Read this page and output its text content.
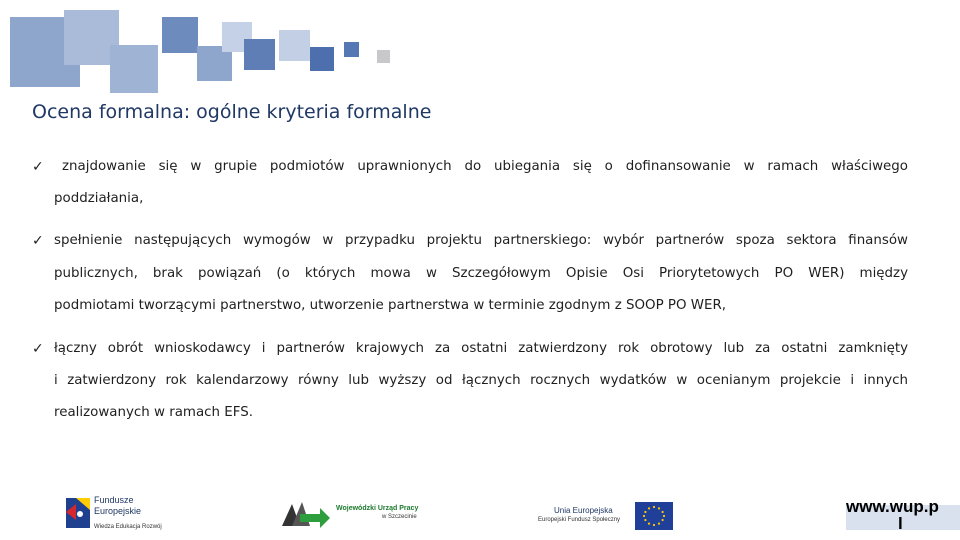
Ocena formalna: ogólne kryteria formalne
✓ znajdowanie się w grupie podmiotów uprawnionych do ubiegania się o dofinansowanie w ramach właściwego
poddziałania,
✓ spełnienie następujących wymogów w przypadku projektu partnerskiego: wybór partnerów spoza sektora finansów
publicznych, brak powiązań (o których mowa w Szczegółowym Opisie Osi Priorytetowych PO WER) między
podmiotami tworzącymi partnerstwo, utworzenie partnerstwa w terminie zgodnym z SOOP PO WER,
✓ łączny obrót wnioskodawcy i partnerów krajowych za ostatni zatwierdzony rok obrotowy lub za ostatni zamknięty
i zatwierdzony rok kalendarzowy równy lub wyższy od łącznych rocznych wydatków w ocenianym projekcie i innych
realizowanych w ramach EFS.
Fundusze
Europejskie
Wiedza Edukacja Rozwój
Wojewódzki Urząd Pracy
w Szczecinie
Unia Europejska
Europejski Fundusz Społeczny
www.wup.p
l
